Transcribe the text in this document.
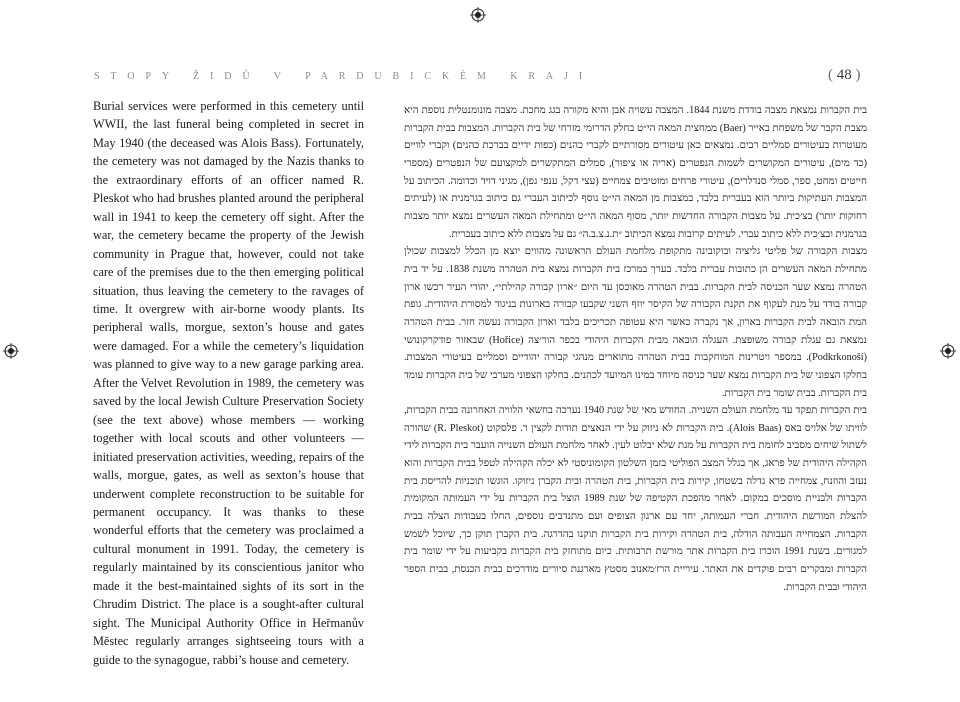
STOPY ŽIDŮ V PARDUBICKÉM KRAJI	( 48 )

Burial services were performed in this cemetery until WWII, the last funeral being completed in secret in May 1940 (the deceased was Alois Bass). Fortunately, the cemetery was not damaged by the Nazis thanks to the extraordinary efforts of an officer named R. Pleskot who had brushes planted around the peripheral wall in 1941 to keep the cemetery off sight. After the war, the cemetery became the property of the Jewish community in Prague that, however, could not take care of the premises due to the then emerging political situation, thus leaving the cemetery to the ravages of time. It overgrew with air-borne woody plants. Its peripheral walls, morgue, sexton’s house and gates were damaged. For a while the cemetery’s liquidation was planned to give way to a new garage parking area. After the Velvet Revolution in 1989, the cemetery was saved by the local Jewish Culture Preservation Society (see the text above) whose members — working together with local scouts and other volunteers — initiated preservation activities, weeding, repairs of the walls, morgue, gates, as well as sexton’s house that underwent complete reconstruction to be suitable for permanent occupancy. It was thanks to these wonderful efforts that the cemetery was proclaimed a cultural monument in 1991. Today, the cemetery is regularly maintained by its conscientious janitor who made it the best-maintained sights of its sort in the Chrudim District. The place is a sought-after cultural sight. The Municipal Authority Office in Heřmanův Městec regularly arranges sightseeing tours with a guide to the synagogue, rabbi’s house and cemetery.

בית הקברות נמצאת מצבה בודדת משנת 1844. המצבה עשויה אבן והיא מקורה בגג מחכת. מצבה מונומנטלית נוספת היא מצבת הקבר של משפחת באייר (Baer) ממחצית המאה הי״ט בחלק הדרומי מזרחי של בית הקברות. המצבות בבית הקברות מעוטרות בעיטורים סמליים רבים. נמצאים כאן עיטורים מסורתיים לקברי כהנים (כפות ידיים בברכת כהנים) וקברי לוויים (כד מים), עיטורים המקושרים לשמות הנפטרים (אריה או ציפור), סמלים המתקשרים למקצועם של הנפטרים (מספרי חייטים ומחט, ספר, סמלי סנדלרים), עיטורי פרחים ומוטיבים צמחיים (עצי דקל, ענפי גפן), מגיני דויד וכדומה. הכיתוב על המצבות העתיקות ביותר הוא בעברית בלבד, במצבות מן המאה הי״ט נוסף לכיתוב העברי גם כיתוב בגרמנית או (לעיתים רחוקות יותר) בצ׳כית. על מצבות הקבורה החדשות יותר, מסוף המאה הי״ט ומתחילת המאה העשרים נמצא יותר מצבות בגרמנית ובצ׳כית ללא כיתוב עברי. לעיתים קרובות נמצא הכיתוב ״ת.נ.צ.ב.ה״ גם על מצבות ללא כיתוב בעברית.

מצבות הקבורה של פליטי גליציה ובוקובינה מתקופת מלחמת העולם הראשונה מהווים יוצא מן הכלל למצבות שכולן מתחילת המאה העשרים הן כתובות עברית בלבד. בערך במרכז בית הקברות נמצא בית הטהרה משנת 1838. על יד בית הטהרה נמצא שער הכניסה לבית הקברות. בבית הטהרה מאוכסן עד היום ״ארון קבורה קהילתי״, יהודי העיר רכשו ארון קבורה בודד על מנת לעקוף את תקנת הקבורה של הקיסר יוזף השני שקבעו קבורה בארונות בניגוד למסורת היהודית. גופת המת הובאה לבית הקברות בארון, אך נקברה כאשר היא עטופה תכריכים בלבד וארון הקבורה נעשה חזר. בבית הטהרה נמצאת גם עגלת קבורה משופצת. העגלה הובאה מבית הקברות היהודי בכפר הור׳צה (Hořice) שבאזור פודקרקונושי (Podkrkonoší). במספר ויטרינות המוחקבות בבית הטהרה מתוארים מנהגי קבורה יהודיים וסמליים בעיטורי המצבות. בחלקו הצפוני של בית הקברות נמצא שער כניסה מיוחד במינו המיועד לכהנים. בחלקו הצפוני מערבי של בית הקברות עומד בית הקברות. בבית שומר בית הקברות.

בית הקברות תפקד עד מלחמת העולם השנייה. החודש מאי של שנת 1940 נערכה בחשאי הלוויה האחרונה בבית הקברות, לוויתו של אלויס באס (Alois Baas). בית הקברות לא ניזוק על ידי הנאצים תודות לקצין ר. פלסקוט (R. Pleskot) שהורה לשתול שיחים מסביב לחומת בית הקברות על מנת שלא יבלוט לעין. לאחר מלחמת העולם השנייה הועבר בית הקברות לידי הקהילה היהודית של פראג, אך בגלל המצב הפוליטי בזמן השלטון הקומוניסטי לא יכלה הקהילה לטפל בבית הקברות והוא נעזב והוזנח, צמחייה פרא גדלה בשטחו, קירות בית הקברות, בית הטהרה ובית הקברן ניזוקו. הוגשו תוכניות להריסת בית הקברות ולבניית מוסכים במקום. לאחר מהפכת הקטיפה של שנת 1989 הוצל בית הקברות על ידי העמותה המקומית להצלת המורשת היהודית. חברי העמותה, יחד עם ארגון הצופים ועם מתנדבים נוספים, החלו בעבודות הצלה בבית הקברות. הצמחייה העבותה הודלה, בית הטהרה וקירות בית הקברות תוקנו בהדרגה. בית הקברן תוקן כך, שיוכל לשמש למגורים. בשנת 1991 הוכרז בית הקברות אתר מורשת תרבותית. כיום מתוחזק בית הקברות בקביעות על ידי שומר בית הקברות ומבקרים רבים פוקדים את האתר. עיריית הרז׳מאנוב מסטץ מארגנת סיורים מודרכים בבית הכנסת, בבית הספר היהודי ובבית הקברות.
